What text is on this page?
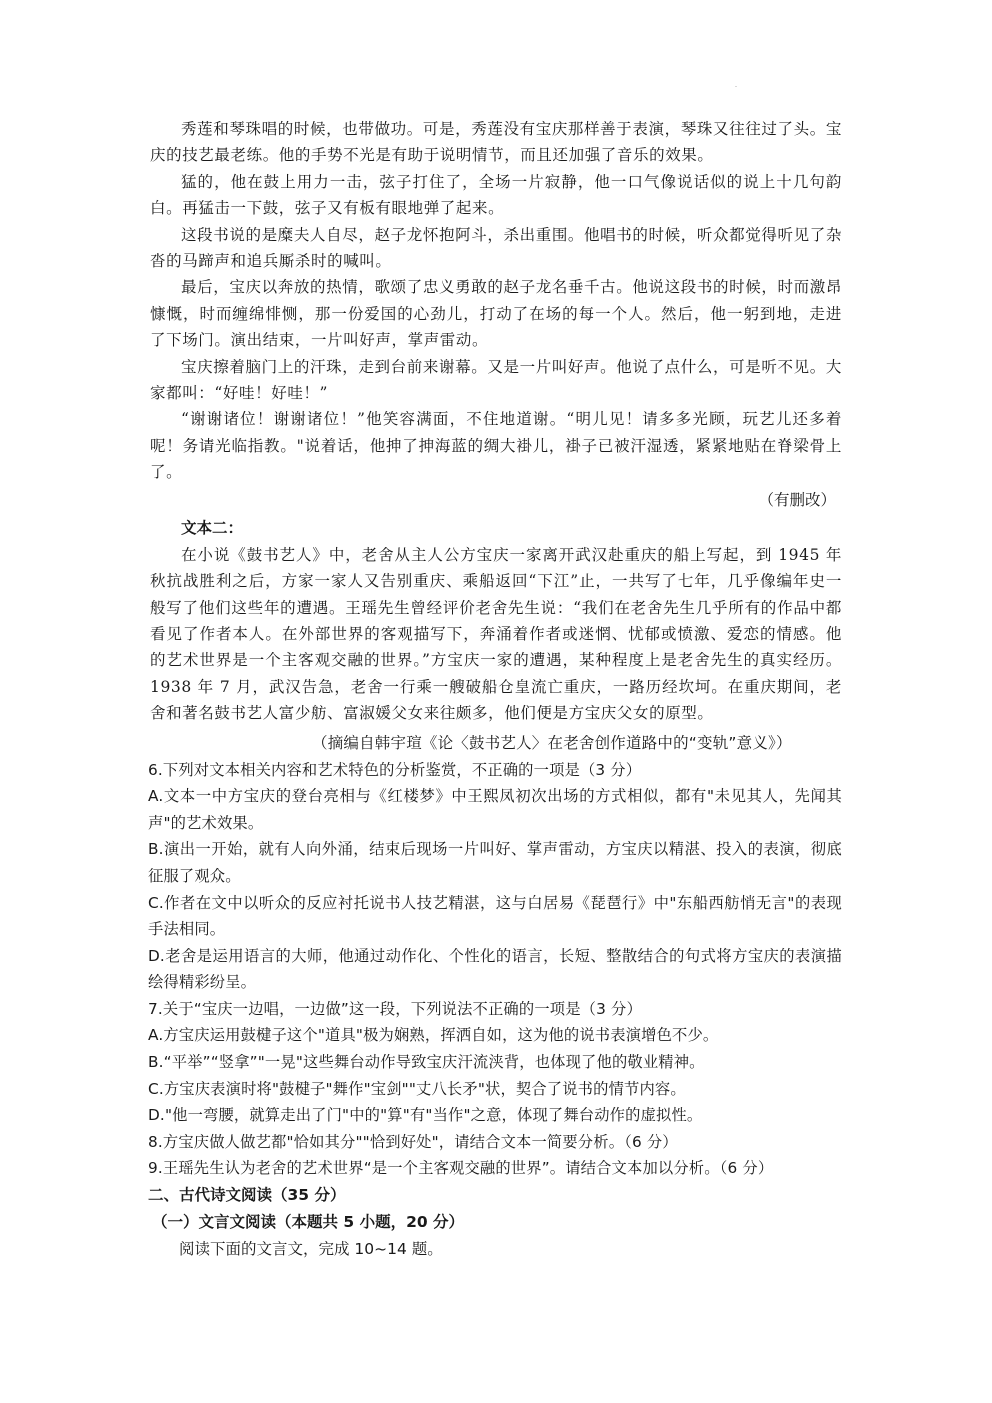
秀莲和琴珠唱的时候，也带做功。可是，秀莲没有宝庆那样善于表演，琴珠又往往过了头。宝庆的技艺最老练。他的手势不光是有助于说明情节，而且还加强了音乐的效果。

猛的，他在鼓上用力一击，弦子打住了，全场一片寂静，他一口气像说话似的说上十几句韵白。再猛击一下鼓，弦子又有板有眼地弹了起来。

这段书说的是糜夫人自尽，赵子龙怀抱阿斗，杀出重围。他唱书的时候，听众都觉得听见了杂沓的马蹄声和追兵厮杀时的喊叫。

最后，宝庆以奔放的热情，歌颂了忠义勇敢的赵子龙名垂千古。他说这段书的时候，时而激昂慷慨，时而缠绵悱恻，那一份爱国的心劲儿，打动了在场的每一个人。然后，他一躬到地，走进了下场门。演出结束，一片叫好声，掌声雷动。

宝庆擦着脑门上的汗珠，走到台前来谢幕。又是一片叫好声。他说了点什么，可是听不见。大家都叫：“好哇！好哇！”

“谢谢诸位！谢谢诸位！”他笑容满面，不住地道谢。“明儿见！请多多光顾，玩艺儿还多着呢！务请光临指教。"说着话，他抻了抻海蓝的绸大褂儿，褂子已被汗湿透，紧紧地贴在脊梁骨上了。

（有删改）

文本二：

在小说《鼓书艺人》中，老舍从主人公方宝庆一家离开武汉赴重庆的船上写起，到 1945 年秋抗战胜利之后，方家一家人又告别重庆、乘船返回“下江”止，一共写了七年，几乎像编年史一般写了他们这些年的遭遇。王瑶先生曾经评价老舍先生说：“我们在老舍先生几乎所有的作品中都看见了作者本人。在外部世界的客观描写下，奔涌着作者或迷惘、忧郁或愤激、爱恋的情感。他的艺术世界是一个主客观交融的世界。”方宝庆一家的遭遇，某种程度上是老舍先生的真实经历。1938 年 7 月，武汉告急，老舍一行乘一艘破船仓皇流亡重庆，一路历经坎坷。在重庆期间，老舍和著名鼓书艺人富少舫、富淑媛父女来往颇多，他们便是方宝庆父女的原型。

（摘编自韩宇瑄《论〈鼓书艺人〉在老舍创作道路中的“变轨”意义》）

6.下列对文本相关内容和艺术特色的分析鉴赏，不正确的一项是（3 分）

A.文本一中方宝庆的登台亮相与《红楼梦》中王熙凤初次出场的方式相似，都有"未见其人，先闻其声"的艺术效果。

B.演出一开始，就有人向外涌，结束后现场一片叫好、掌声雷动，方宝庆以精湛、投入的表演，彻底征服了观众。

C.作者在文中以听众的反应衬托说书人技艺精湛，这与白居易《琵琶行》中"东船西舫悄无言"的表现手法相同。

D.老舍是运用语言的大师，他通过动作化、个性化的语言，长短、整散结合的句式将方宝庆的表演描绘得精彩纷呈。

7.关于“宝庆一边唱，一边做”这一段，下列说法不正确的一项是（3 分）

A.方宝庆运用鼓楗子这个"道具"极为娴熟，挥洒自如，这为他的说书表演增色不少。

B.“平举”“竖拿”"一晃"这些舞台动作导致宝庆汗流浃背，也体现了他的敬业精神。

C.方宝庆表演时将"鼓楗子"舞作"宝剑""丈八长矛"状，契合了说书的情节内容。

D."他一弯腰，就算走出了门"中的"算"有"当作"之意，体现了舞台动作的虚拟性。

8.方宝庆做人做艺都"恰如其分""恰到好处"，请结合文本一简要分析。（6 分）

9.王瑶先生认为老舍的艺术世界“是一个主客观交融的世界”。请结合文本加以分析。（6 分）

二、古代诗文阅读（35 分）

（一）文言文阅读（本题共 5 小题，20 分）

阅读下面的文言文，完成 10~14 题。
